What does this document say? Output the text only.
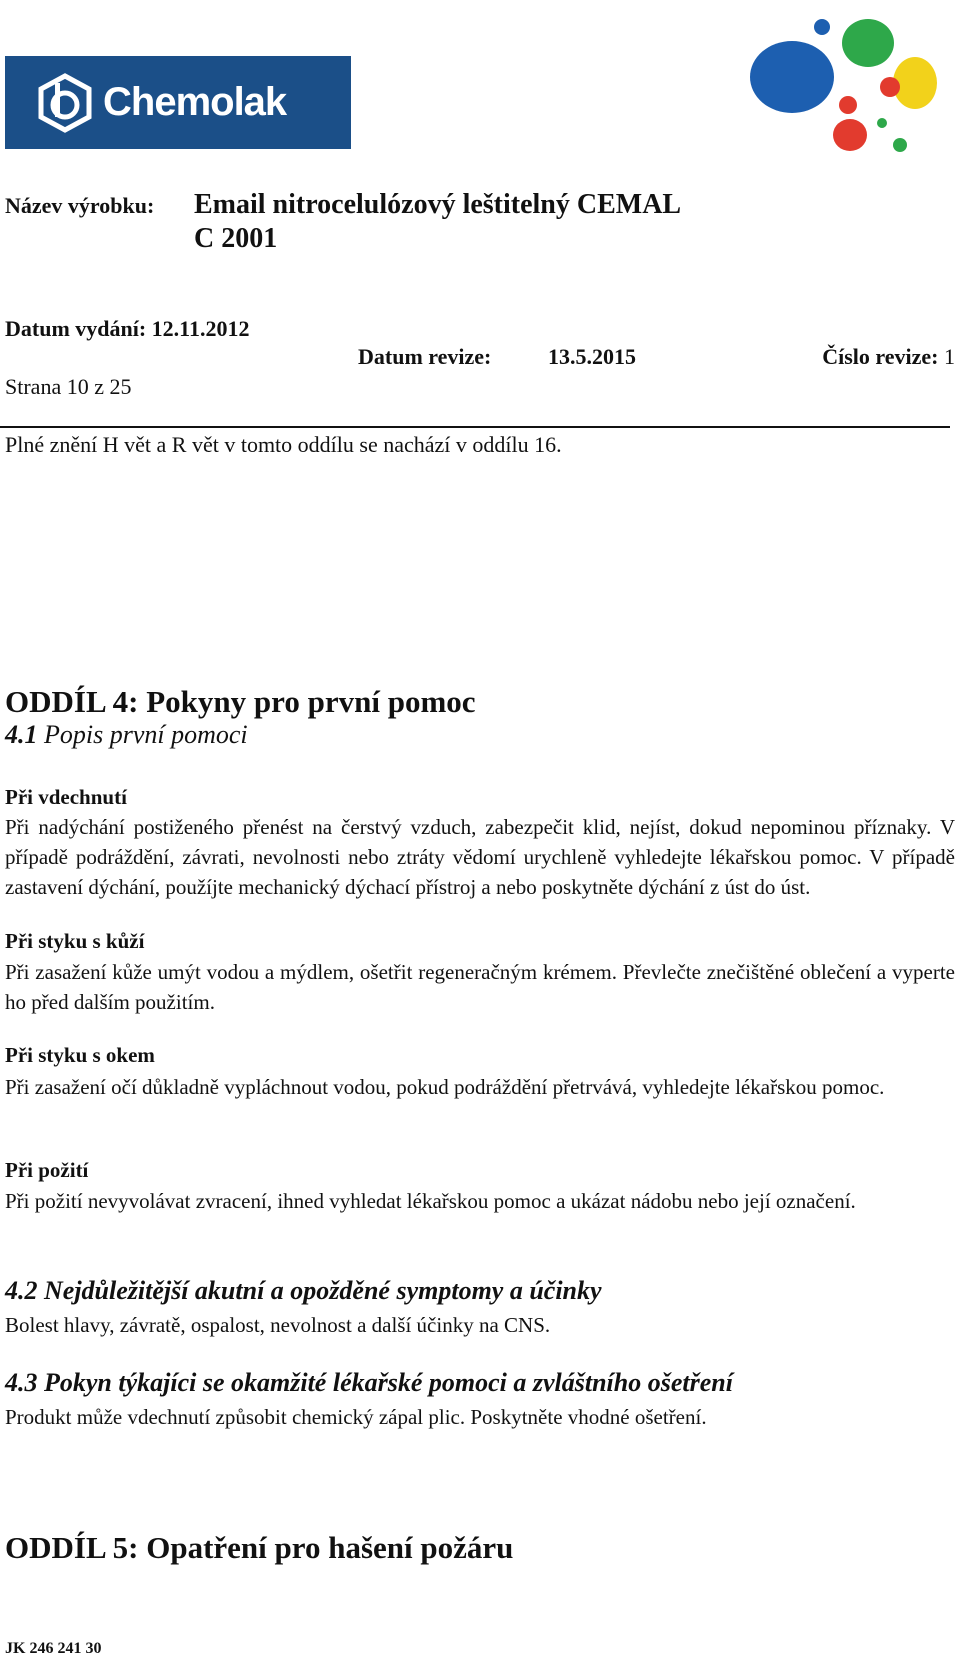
Chemolak
Název výrobku: Email nitrocelulózový leštitelný CEMAL
C 2001
Datum vydání: 12.11.2012
Strana 10 z 25
Datum revize:	13.5.2015	Číslo revize: 1
Plné znění H vět a R vět v tomto oddílu se nachází v oddílu 16.
ODDÍL 4: Pokyny pro první pomoc
4.1 Popis první pomoci
Při vdechnutí
Při nadýchání postiženého přenést na čerstvý vzduch, zabezpečit klid, nejíst, dokud nepominou příznaky. V případě podráždění, závrati, nevolnosti nebo ztráty vědomí urychleně vyhledejte lékařskou pomoc. V případě zastavení dýchání, použíjte mechanický dýchací přístroj a nebo poskytněte dýchání z úst do úst.
Při styku s kůží
Při zasažení kůže umýt vodou a mýdlem, ošetřit regeneračným krémem. Převlečte znečištěné oblečení a vyperte ho před dalším použitím.
Při styku s okem
Při zasažení očí důkladně vypláchnout vodou, pokud podráždění přetrvává, vyhledejte lékařskou pomoc.
Při požití
Při požití nevyvolávat zvracení, ihned vyhledat lékařskou pomoc a ukázat nádobu nebo její označení.
4.2 Nejdůležitější akutní a opožděné symptomy a účinky
Bolest hlavy, závratě, ospalost, nevolnost a další účinky na CNS.
4.3 Pokyn týkajíci se okamžité lékařské pomoci a zvláštního ošetření
Produkt může vdechnutí způsobit chemický zápal plic. Poskytněte vhodné ošetření.
ODDÍL 5: Opatření pro hašení požáru
JK 246 241 30
